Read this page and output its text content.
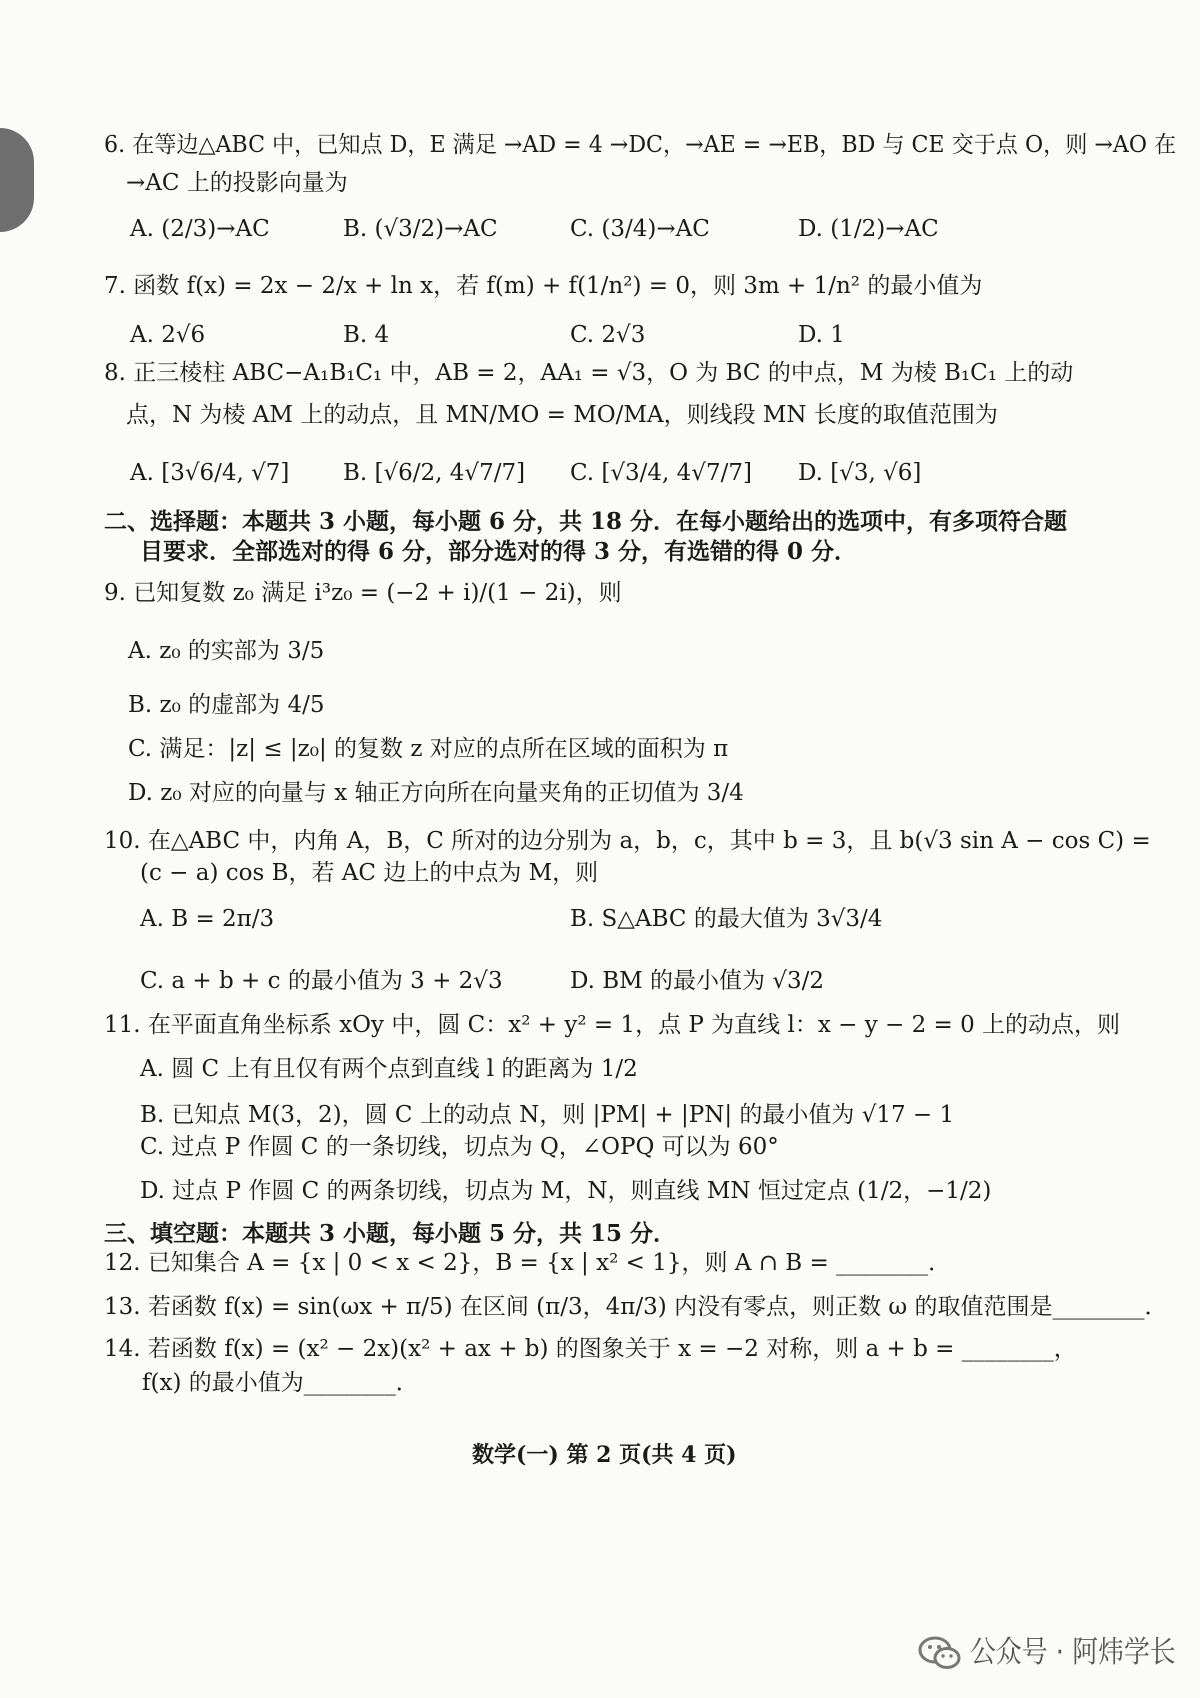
6. 在等边△ABC 中，已知点 D，E 满足 →AD = 4 →DC，→AE = →EB，BD 与 CE 交于点 O，则 →AO 在
→AC 上的投影向量为
A. (2/3)→AC	B. (√3/2)→AC	C. (3/4)→AC	D. (1/2)→AC
7. 函数 f(x) = 2x − 2/x + ln x，若 f(m) + f(1/n²) = 0，则 3m + 1/n² 的最小值为
A. 2√6	B. 4	C. 2√3	D. 1
8. 正三棱柱 ABC−A₁B₁C₁ 中，AB = 2，AA₁ = √3，O 为 BC 的中点，M 为棱 B₁C₁ 上的动
点，N 为棱 AM 上的动点，且 MN/MO = MO/MA，则线段 MN 长度的取值范围为
A. [3√6/4, √7] B. [√6/2, 4√7/7] C. [√3/4, 4√7/7] D. [√3, √6]
二、选择题：本题共 3 小题，每小题 6 分，共 18 分．在每小题给出的选项中，有多项符合题
目要求．全部选对的得 6 分，部分选对的得 3 分，有选错的得 0 分．
9. 已知复数 z₀ 满足 i³z₀ = (−2 + i)/(1 − 2i)，则
A. z₀ 的实部为 3/5
B. z₀ 的虚部为 4/5
C. 满足：|z| ≤ |z₀| 的复数 z 对应的点所在区域的面积为 π
D. z₀ 对应的向量与 x 轴正方向所在向量夹角的正切值为 3/4
10. 在△ABC 中，内角 A，B，C 所对的边分别为 a，b，c，其中 b = 3，且 b(√3 sin A − cos C) =
(c − a) cos B，若 AC 边上的中点为 M，则
A. B = 2π/3	B. S△ABC 的最大值为 3√3/4
C. a + b + c 的最小值为 3 + 2√3	D. BM 的最小值为 √3/2
11. 在平面直角坐标系 xOy 中，圆 C：x² + y² = 1，点 P 为直线 l：x − y − 2 = 0 上的动点，则
A. 圆 C 上有且仅有两个点到直线 l 的距离为 1/2
B. 已知点 M(3，2)，圆 C 上的动点 N，则 |PM| + |PN| 的最小值为 √17 − 1
C. 过点 P 作圆 C 的一条切线，切点为 Q，∠OPQ 可以为 60°
D. 过点 P 作圆 C 的两条切线，切点为 M，N，则直线 MN 恒过定点 (1/2，−1/2)
三、填空题：本题共 3 小题，每小题 5 分，共 15 分．
12. 已知集合 A = {x | 0 < x < 2}，B = {x | x² < 1}，则 A ∩ B = ________．
13. 若函数 f(x) = sin(ωx + π/5) 在区间 (π/3，4π/3) 内没有零点，则正数 ω 的取值范围是________．
14. 若函数 f(x) = (x² − 2x)(x² + ax + b) 的图象关于 x = −2 对称，则 a + b = ________，
f(x) 的最小值为________．
数学(一) 第 2 页(共 4 页)
公众号 · 阿炜学长
